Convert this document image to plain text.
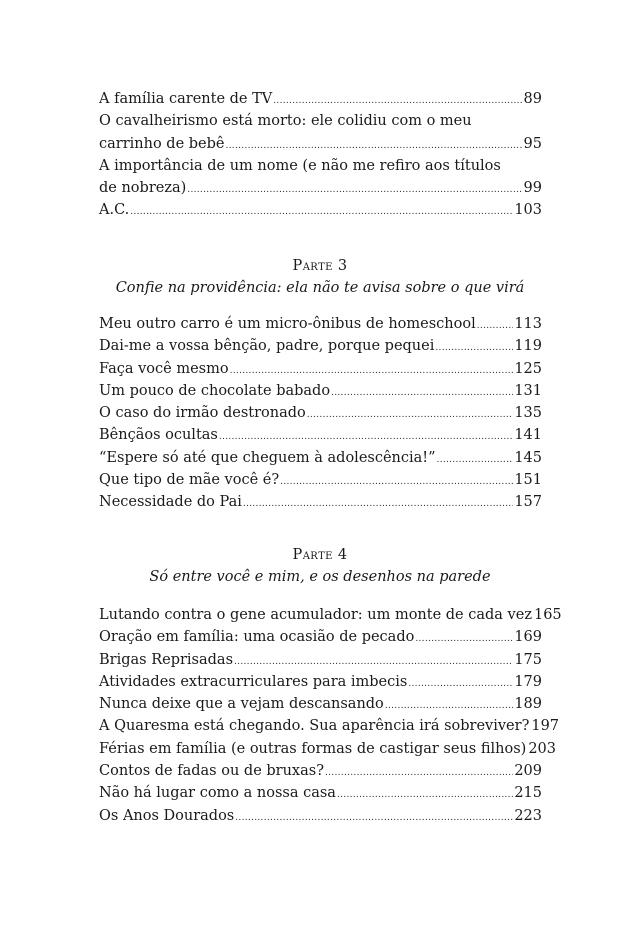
A família carente de TV .....	89
O cavalheirismo está morto: ele colidiu com o meu
carrinho de bebê .....	95
A importância de um nome (e não me refiro aos títulos
de nobreza) .....	99
A.C. .....	103
Parte 3
Confie na providência: ela não te avisa sobre o que virá
Meu outro carro é um micro-ônibus de homeschool .....	113
Dai-me a vossa bênção, padre, porque pequei .....	119
Faça você mesmo .....	125
Um pouco de chocolate babado .....	131
O caso do irmão destronado .....	135
Bênçãos ocultas .....	141
“Espere só até que cheguem à adolescência!” .....	145
Que tipo de mãe você é? .....	151
Necessidade do Pai .....	157
Parte 4
Só entre você e mim, e os desenhos na parede
Lutando contra o gene acumulador: um monte de cada vez 165
Oração em família: uma ocasião de pecado .....	169
Brigas Reprisadas .....	175
Atividades extracurriculares para imbecis .....	179
Nunca deixe que a vejam descansando .....	189
A Quaresma está chegando. Sua aparência irá sobreviver? 197
Férias em família (e outras formas de castigar seus filhos) 203
Contos de fadas ou de bruxas? .....	209
Não há lugar como a nossa casa .....	215
Os Anos Dourados .....	223
